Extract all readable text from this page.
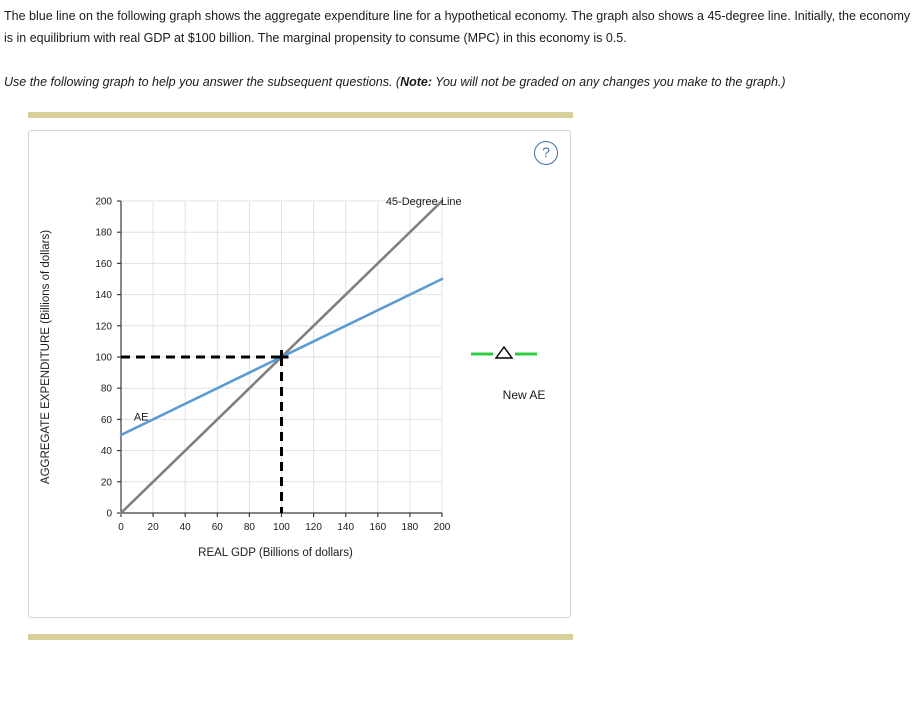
The blue line on the following graph shows the aggregate expenditure line for a hypothetical economy. The graph also shows a 45-degree line. Initially, the economy is in equilibrium with real GDP at $100 billion. The marginal propensity to consume (MPC) in this economy is 0.5.

Use the following graph to help you answer the subsequent questions. (Note: You will not be graded on any changes you make to the graph.)

?
0 20 40 60 80 100 120 140 160 180 200
0
20
40
60
80
100
120
140
160
180
200	45-Degree Line
AE
REAL GDP (Billions of dollars)
AGGREGATE EXPENDITURE (Billions of dollars)	New AE
